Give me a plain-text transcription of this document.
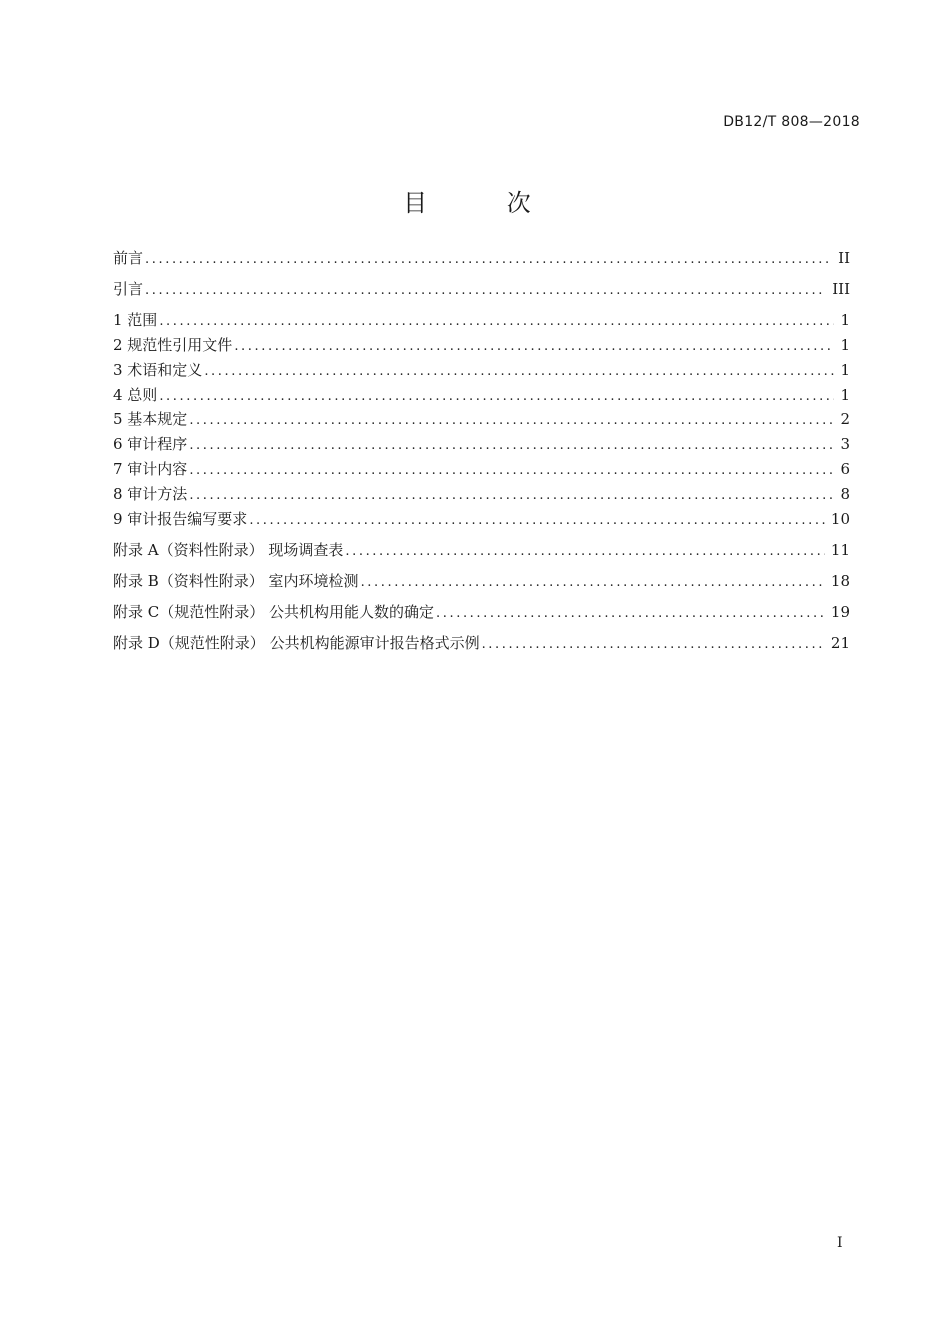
DB12/T 808—2018
目 次
前言 .....	II
引言 .....	III
1 范围 .....	1
2 规范性引用文件 .....	1
3 术语和定义 .....	1
4 总则 .....	1
5 基本规定 .....	2
6 审计程序 .....	3
7 审计内容 .....	6
8 审计方法 .....	8
9 审计报告编写要求 .....	10
附录 A（资料性附录） 现场调查表 .....	11
附录 B（资料性附录） 室内环境检测 .....	18
附录 C（规范性附录） 公共机构用能人数的确定 .....	19
附录 D（规范性附录） 公共机构能源审计报告格式示例 .....	21
I
